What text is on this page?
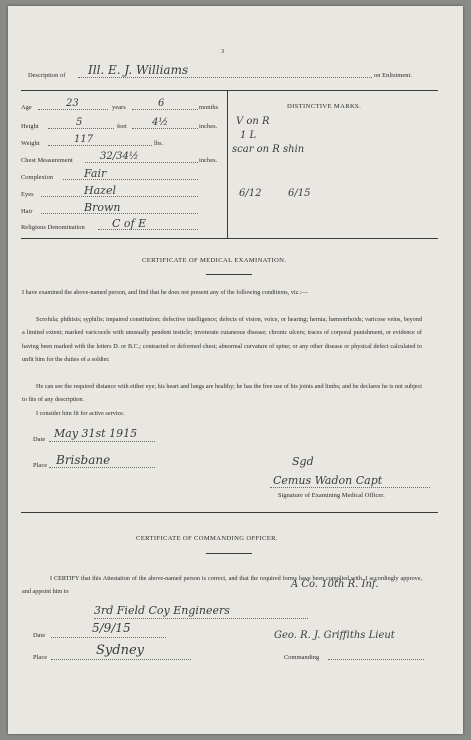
3
Description of Ill. E. J. Williams	on Enlistment.
Age	23	years	6	months
Height	5	feet	4½	inches.
Weight	117	lbs.
Chest Measurement	32/34½	inches.
Complexion	Fair
Eyes	Hazel
Hair	Brown
Religious Denomination C of E
DISTINCTIVE MARKS.
V on R
1 L
scar on R shin
6/12	6/15
CERTIFICATE OF MEDICAL EXAMINATION.
I have examined the above-named person, and find that he does not present any of the following conditions, viz.:—
Scrofula; phthisis; syphilis; impaired constitution; defective intelligence; defects of vision, voice, or hearing; hernia; hæmorrhoids; varicose veins, beyond a limited extent; marked varicocele with unusually pendent testicle; inveterate cutaneous disease; chronic ulcers; traces of corporal punishment, or evidence of having been marked with the letters D. or B.C.; contracted or deformed chest; abnormal curvature of spine; or any other disease or physical defect calculated to unfit him for the duties of a soldier.
He can see the required distance with either eye; his heart and lungs are healthy; he has the free use of his joints and limbs; and he declares he is not subject to fits of any description.
I consider him fit for active service.
Date May 31st 1915
Place Brisbane	Sgd
Cemus Wadon Capt
Signature of Examining Medical Officer.
CERTIFICATE OF COMMANDING OFFICER.
I CERTIFY that this Attestation of the above-named person is correct, and that the required forms have been complied with. I accordingly approve, and appoint him to
A Co. 10th R. Inf.
3rd Field Coy Engineers
Date
5/9/15
Place	Sydney
Geo. R. J. Griffiths Lieut
Commanding
